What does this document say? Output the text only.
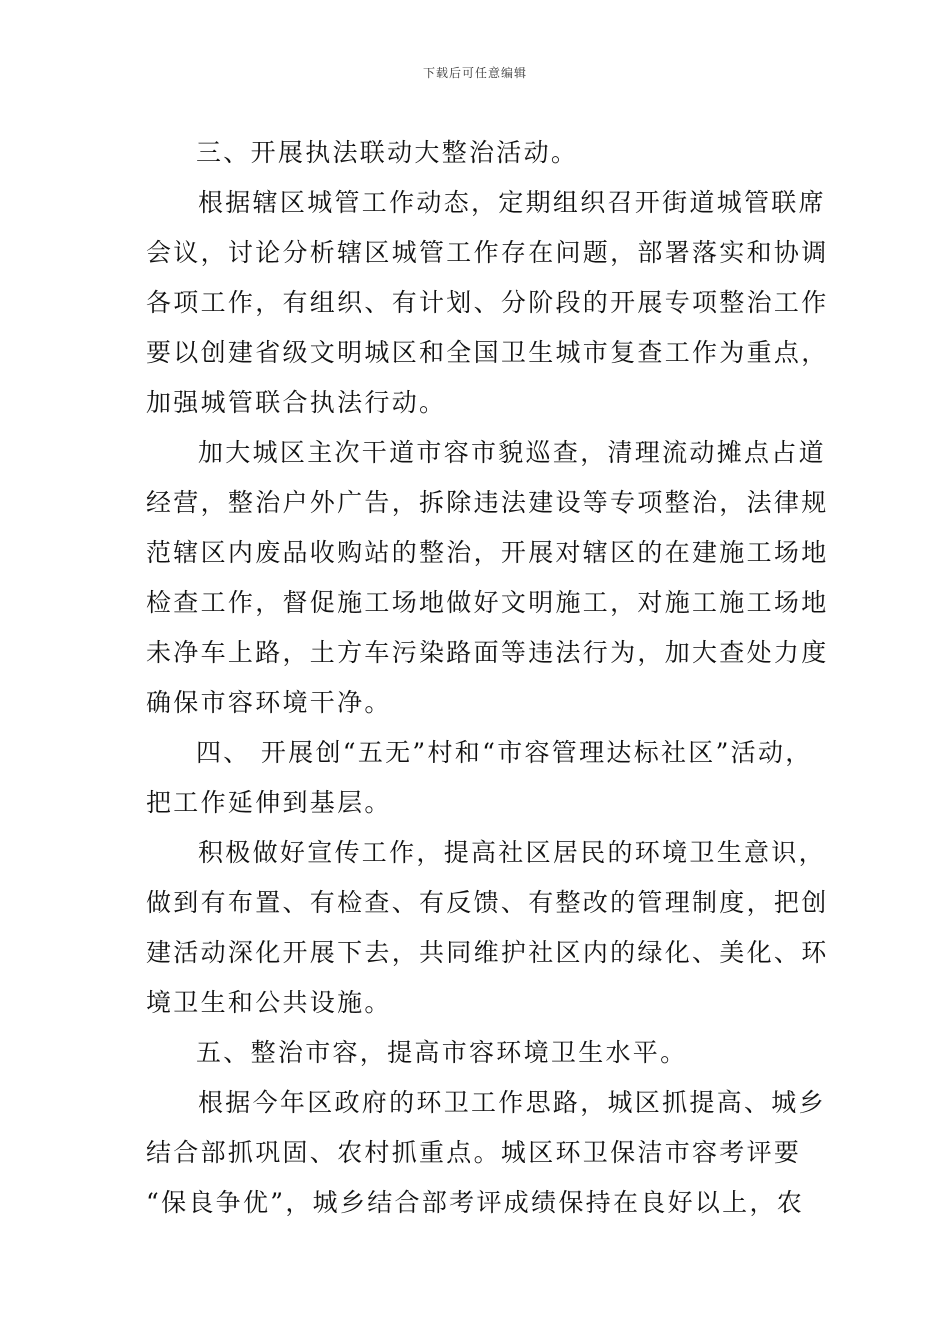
下载后可任意编辑
三、开展执法联动大整治活动。
根据辖区城管工作动态，定期组织召开街道城管联席
会议，讨论分析辖区城管工作存在问题，部署落实和协调
各项工作，有组织、有计划、分阶段的开展专项整治工作
要以创建省级文明城区和全国卫生城市复查工作为重点，
加强城管联合执法行动。
加大城区主次干道市容市貌巡查，清理流动摊点占道
经营，整治户外广告，拆除违法建设等专项整治，法律规
范辖区内废品收购站的整治，开展对辖区的在建施工场地
检查工作，督促施工场地做好文明施工，对施工施工场地
未净车上路，土方车污染路面等违法行为，加大查处力度
确保市容环境干净。
四、 开展创“五无”村和“市容管理达标社区”活动，
把工作延伸到基层。
积极做好宣传工作，提高社区居民的环境卫生意识，
做到有布置、有检查、有反馈、有整改的管理制度，把创
建活动深化开展下去，共同维护社区内的绿化、美化、环
境卫生和公共设施。
五、整治市容，提高市容环境卫生水平。
根据今年区政府的环卫工作思路，城区抓提高、城乡
结合部抓巩固、农村抓重点。城区环卫保洁市容考评要
“保良争优”，城乡结合部考评成绩保持在良好以上，农
